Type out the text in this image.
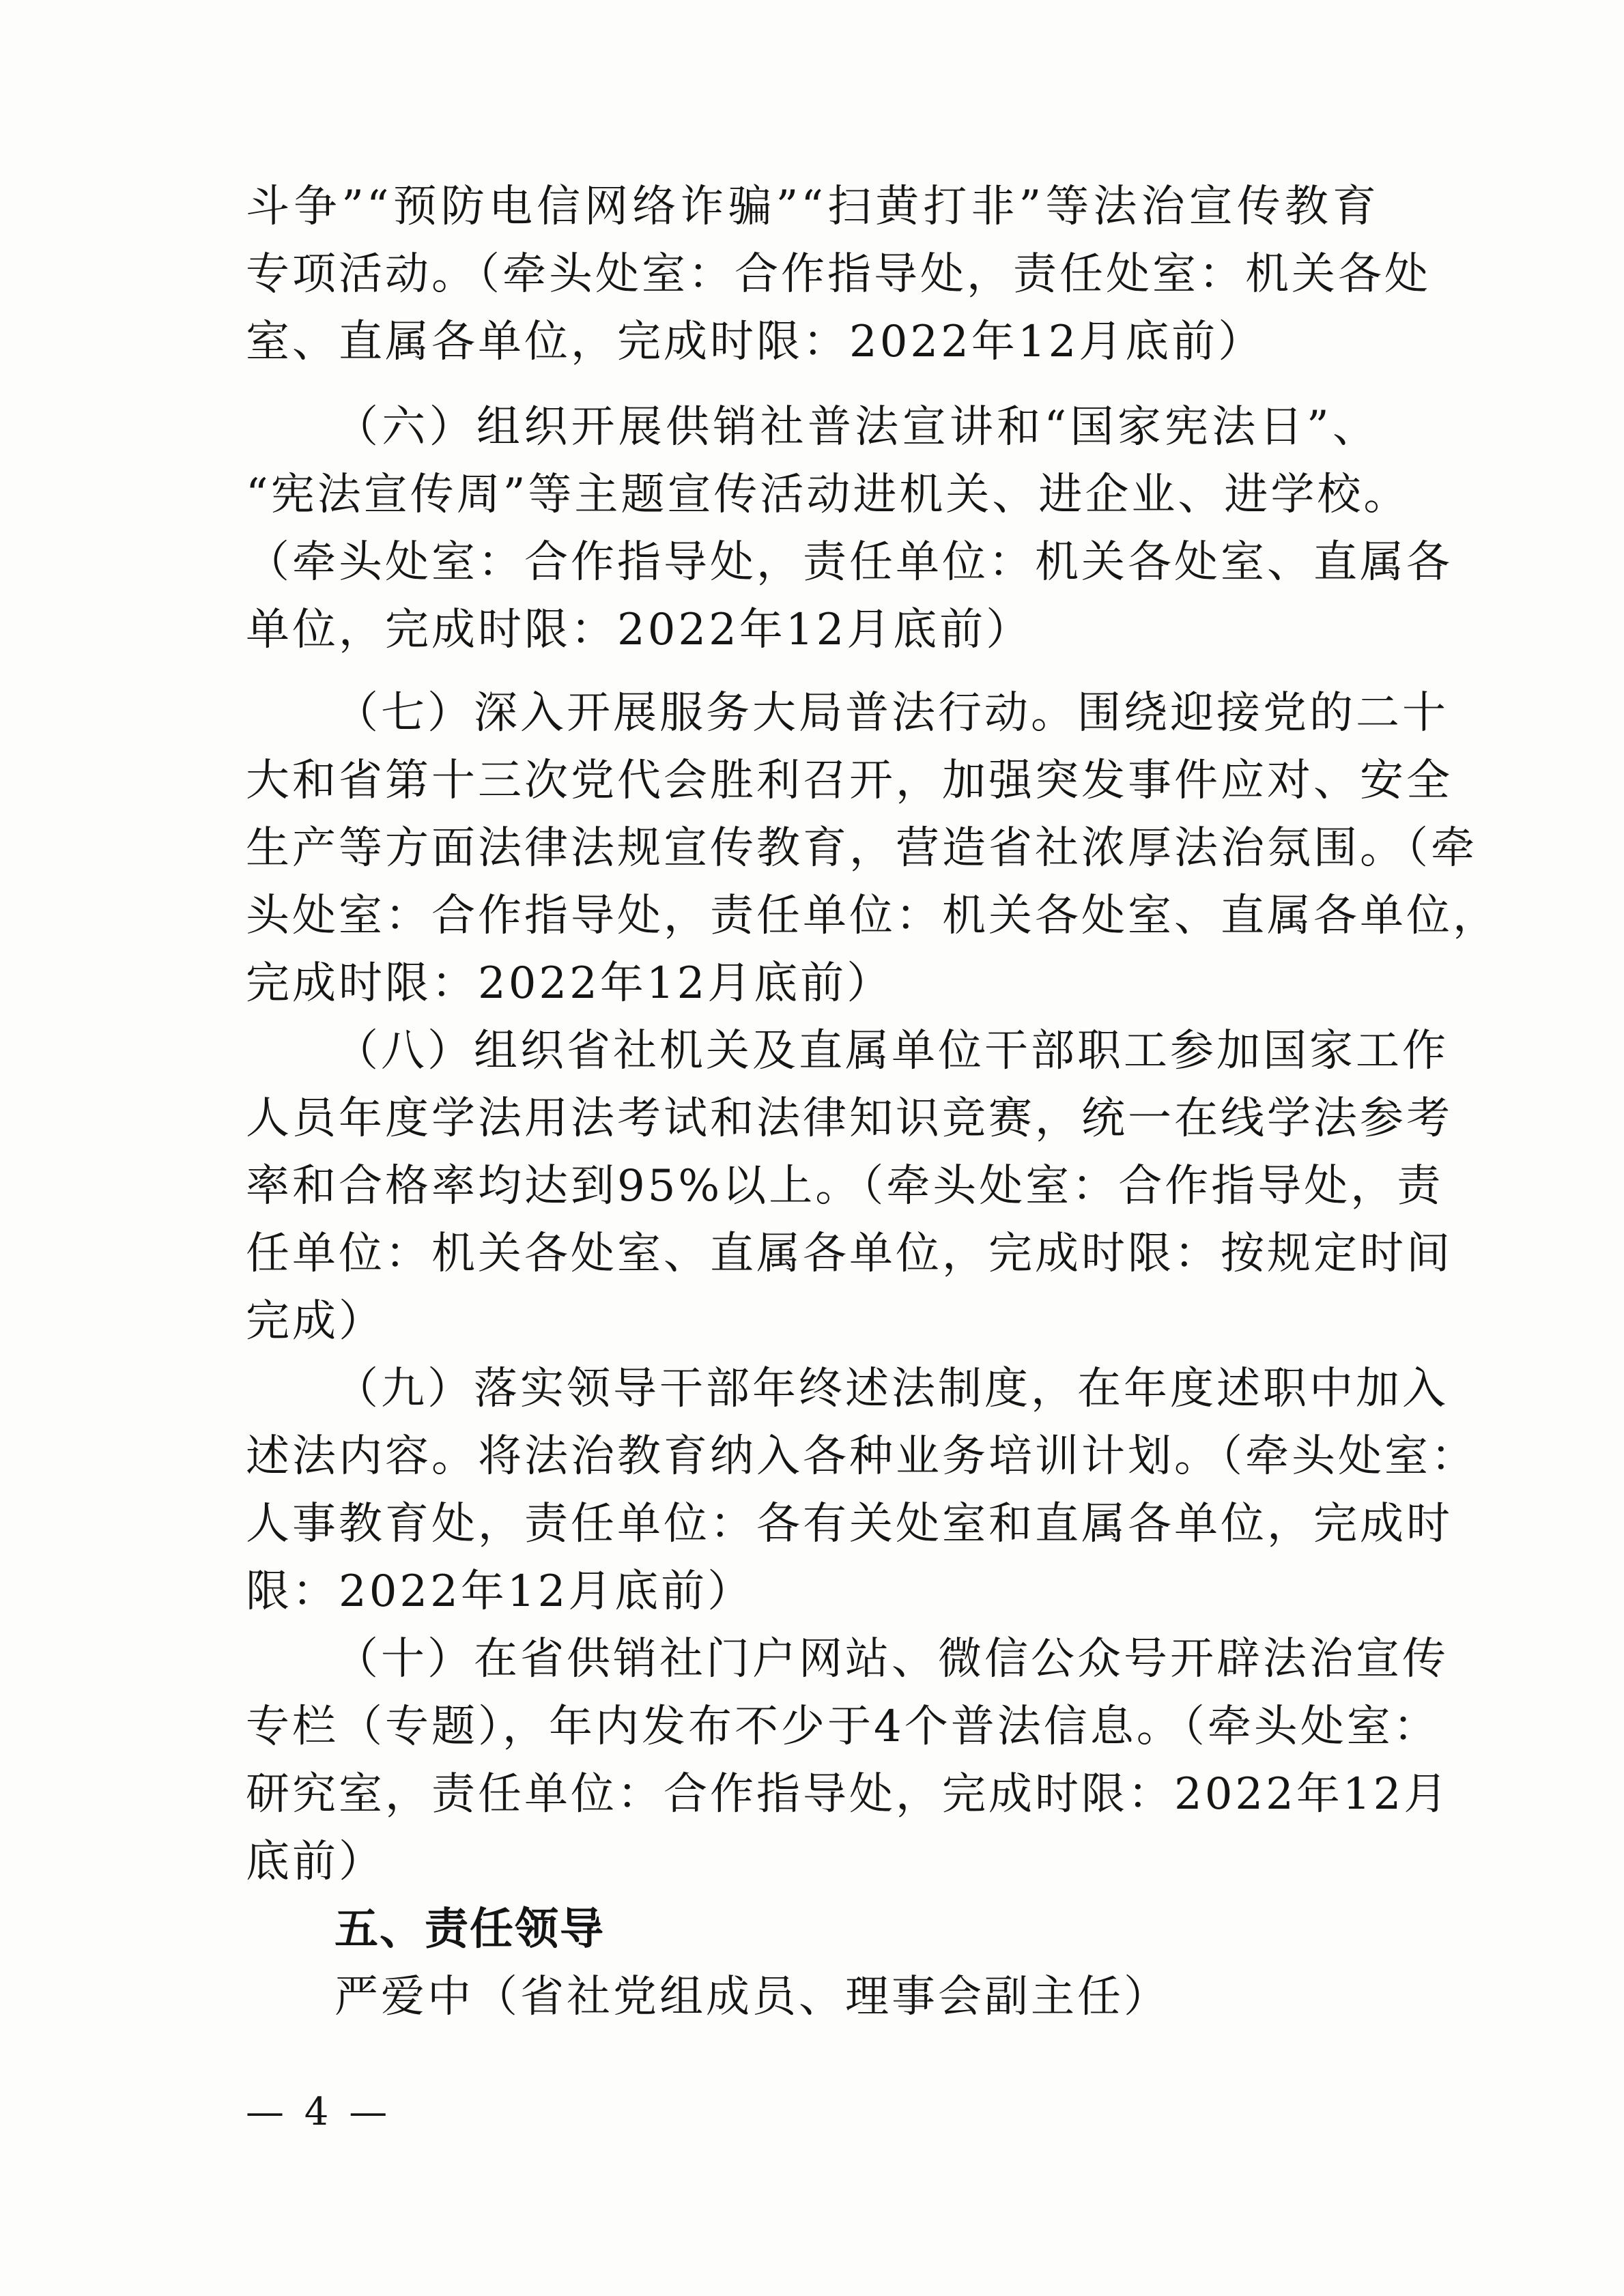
斗争”“预防电信网络诈骗”“扫黄打非”等法治宣传教育
专项活动。（牵头处室：合作指导处，责任处室：机关各处
室、直属各单位，完成时限：2022年12月底前）
（六）组织开展供销社普法宣讲和“国家宪法日”、
“宪法宣传周”等主题宣传活动进机关、进企业、进学校。
（牵头处室：合作指导处，责任单位：机关各处室、直属各
单位，完成时限：2022年12月底前）
（七）深入开展服务大局普法行动。围绕迎接党的二十
大和省第十三次党代会胜利召开，加强突发事件应对、安全
生产等方面法律法规宣传教育，营造省社浓厚法治氛围。（牵
头处室：合作指导处，责任单位：机关各处室、直属各单位，
完成时限：2022年12月底前）
（八）组织省社机关及直属单位干部职工参加国家工作
人员年度学法用法考试和法律知识竞赛，统一在线学法参考
率和合格率均达到95%以上。（牵头处室：合作指导处，责
任单位：机关各处室、直属各单位，完成时限：按规定时间
完成）
（九）落实领导干部年终述法制度，在年度述职中加入
述法内容。将法治教育纳入各种业务培训计划。（牵头处室：
人事教育处，责任单位：各有关处室和直属各单位，完成时
限：2022年12月底前）
（十）在省供销社门户网站、微信公众号开辟法治宣传
专栏（专题），年内发布不少于4个普法信息。（牵头处室：
研究室，责任单位：合作指导处，完成时限：2022年12月
底前）
五、责任领导
严爱中（省社党组成员、理事会副主任）
— 4 —
